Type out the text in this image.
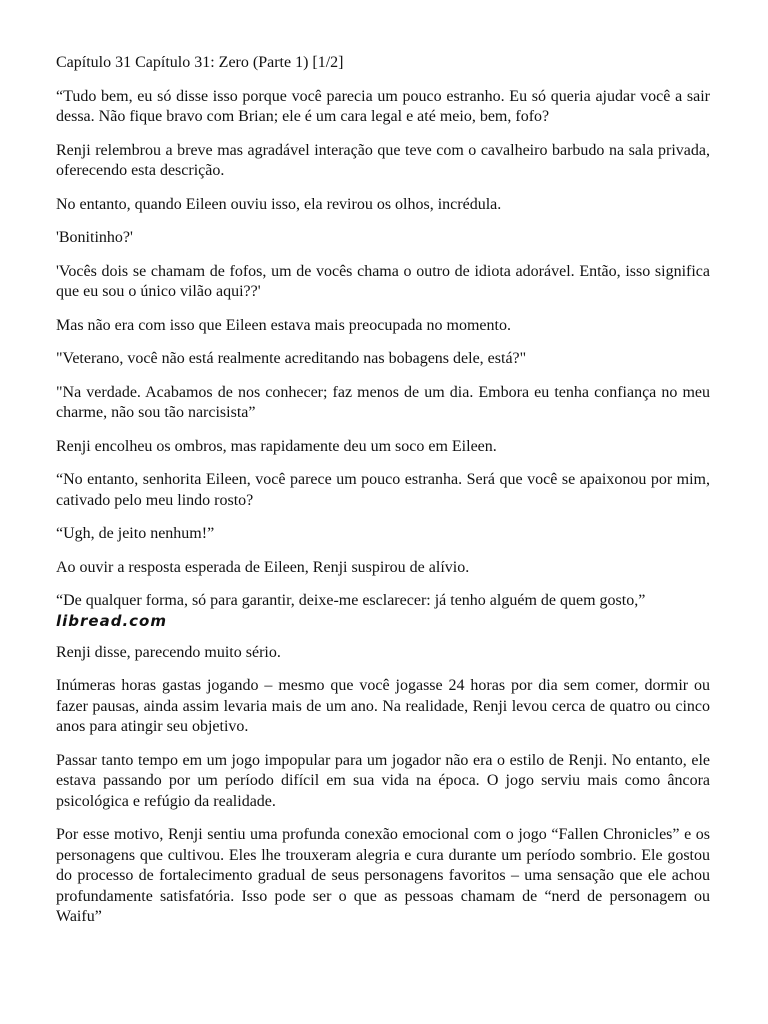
Capítulo 31 Capítulo 31: Zero (Parte 1) [1/2]

“Tudo bem, eu só disse isso porque você parecia um pouco estranho. Eu só queria ajudar você a sair dessa. Não fique bravo com Brian; ele é um cara legal e até meio, bem, fofo?

Renji relembrou a breve mas agradável interação que teve com o cavalheiro barbudo na sala privada, oferecendo esta descrição.

No entanto, quando Eileen ouviu isso, ela revirou os olhos, incrédula.

'Bonitinho?'

'Vocês dois se chamam de fofos, um de vocês chama o outro de idiota adorável. Então, isso significa que eu sou o único vilão aqui??'

Mas não era com isso que Eileen estava mais preocupada no momento.

"Veterano, você não está realmente acreditando nas bobagens dele, está?"

"Na verdade. Acabamos de nos conhecer; faz menos de um dia. Embora eu tenha confiança no meu charme, não sou tão narcisista”

Renji encolheu os ombros, mas rapidamente deu um soco em Eileen.

“No entanto, senhorita Eileen, você parece um pouco estranha. Será que você se apaixonou por mim, cativado pelo meu lindo rosto?

“Ugh, de jeito nenhum!”

Ao ouvir a resposta esperada de Eileen, Renji suspirou de alívio.

“De qualquer forma, só para garantir, deixe-me esclarecer: já tenho alguém de quem gosto,”

libread.com

Renji disse, parecendo muito sério.

Inúmeras horas gastas jogando – mesmo que você jogasse 24 horas por dia sem comer, dormir ou fazer pausas, ainda assim levaria mais de um ano. Na realidade, Renji levou cerca de quatro ou cinco anos para atingir seu objetivo.

Passar tanto tempo em um jogo impopular para um jogador não era o estilo de Renji. No entanto, ele estava passando por um período difícil em sua vida na época. O jogo serviu mais como âncora psicológica e refúgio da realidade.

Por esse motivo, Renji sentiu uma profunda conexão emocional com o jogo “Fallen Chronicles” e os personagens que cultivou. Eles lhe trouxeram alegria e cura durante um período sombrio. Ele gostou do processo de fortalecimento gradual de seus personagens favoritos – uma sensação que ele achou profundamente satisfatória. Isso pode ser o que as pessoas chamam de “nerd de personagem ou Waifu”
